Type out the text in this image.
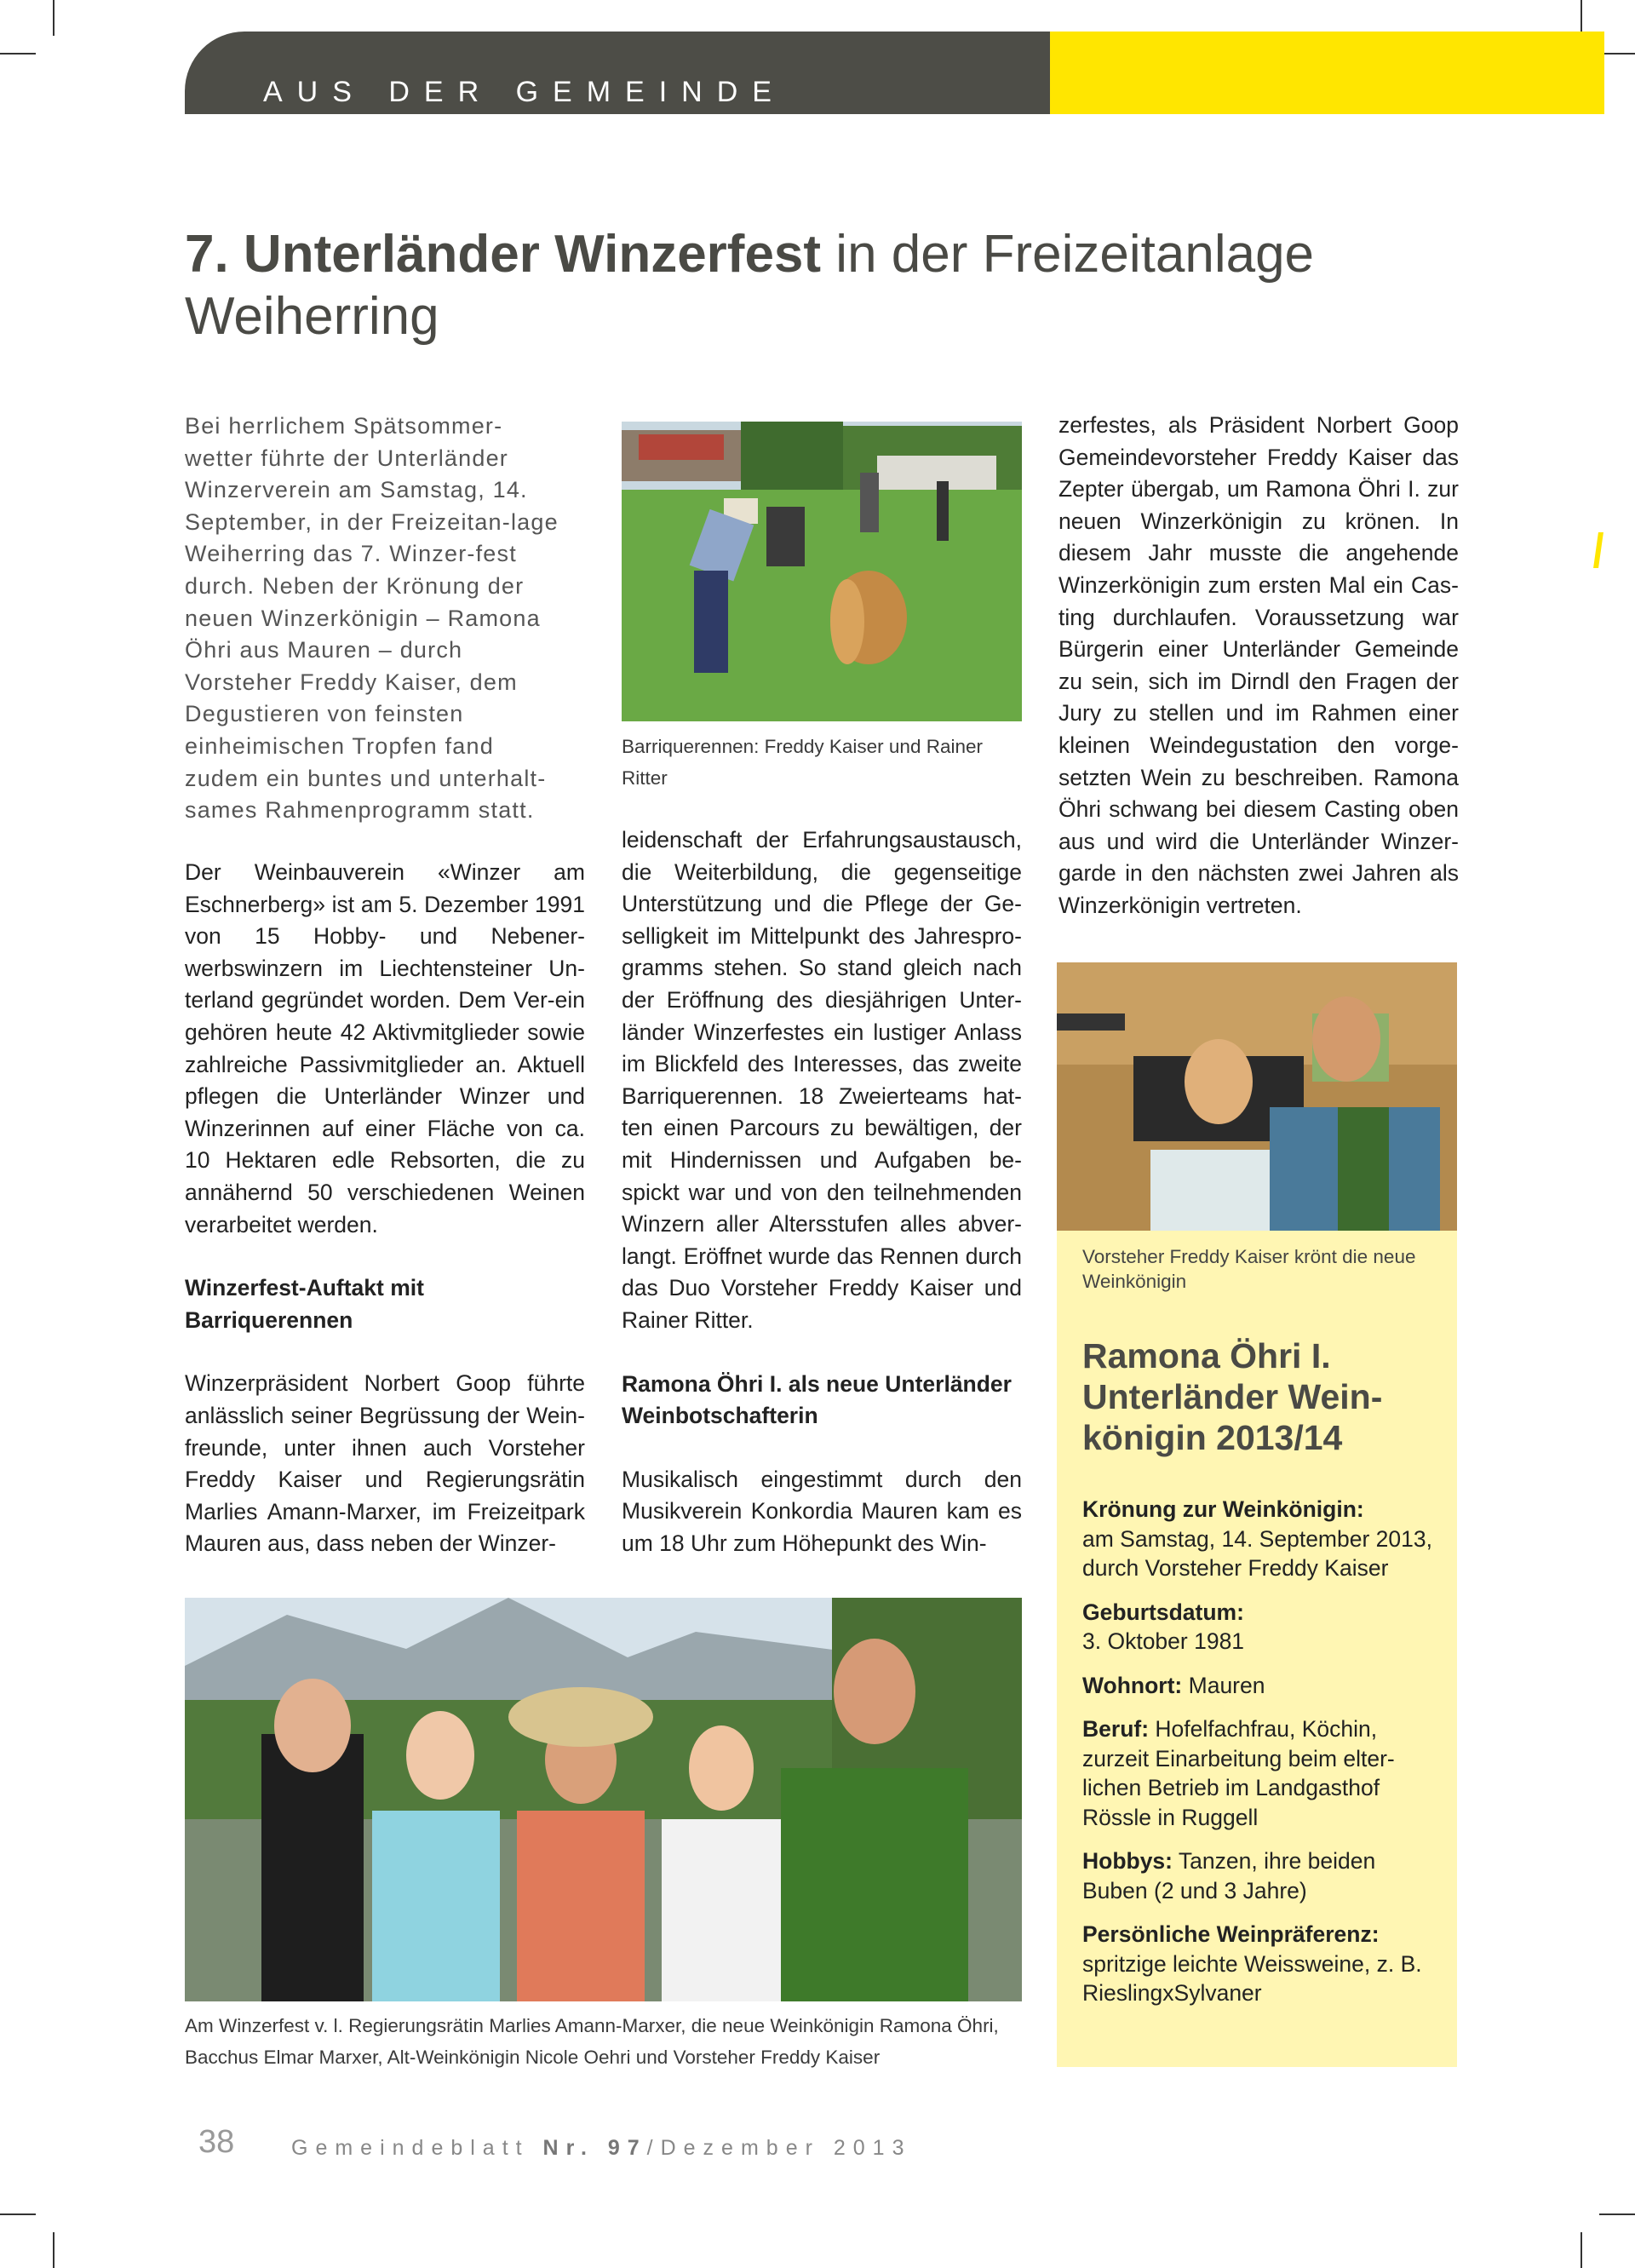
AUS DER GEMEINDE
7. Unterländer Winzerfest in der Freizeitanlage Weiherring
Bei herrlichem Spätsommer-wetter führte der Unterländer Winzerverein am Samstag, 14. September, in der Freizeitan-lage Weiherring das 7. Winzer-fest durch. Neben der Krönung der neuen Winzerkönigin – Ramona Öhri aus Mauren – durch Vorsteher Freddy Kaiser, dem Degustieren von feinsten einheimischen Tropfen fand zudem ein buntes und unterhalt-sames Rahmenprogramm statt.

Der Weinbauverein «Winzer am Eschnerberg» ist am 5. Dezember 1991 von 15 Hobby- und Nebener-werbswinzern im Liechtensteiner Un-terland gegründet worden. Dem Ver-ein gehören heute 42 Aktivmitglieder sowie zahlreiche Passivmitglieder an. Aktuell pflegen die Unterländer Winzer und Winzerinnen auf einer Fläche von ca. 10 Hektaren edle Rebsorten, die zu annähernd 50 verschiedenen Weinen verarbeitet werden.

Winzerfest-Auftakt mit Barriquerennen

Winzerpräsident Norbert Goop führte anlässlich seiner Begrüssung der Wein-freunde, unter ihnen auch Vorsteher Freddy Kaiser und Regierungsrätin Marlies Amann-Marxer, im Freizeitpark Mauren aus, dass neben der Winzer-

Barriquerennen: Freddy Kaiser und Rainer Ritter

leidenschaft der Erfahrungsaustausch, die Weiterbildung, die gegenseitige Unterstützung und die Pflege der Ge-selligkeit im Mittelpunkt des Jahrespro-gramms stehen. So stand gleich nach der Eröffnung des diesjährigen Unter-länder Winzerfestes ein lustiger Anlass im Blickfeld des Interesses, das zweite Barriquerennen. 18 Zweierteams hat-ten einen Parcours zu bewältigen, der mit Hindernissen und Aufgaben be-spickt war und von den teilnehmenden Winzern aller Altersstufen alles abver-langt. Eröffnet wurde das Rennen durch das Duo Vorsteher Freddy Kaiser und Rainer Ritter.

Ramona Öhri I. als neue Unterländer Weinbotschafterin

Musikalisch eingestimmt durch den Musikverein Konkordia Mauren kam es um 18 Uhr zum Höhepunkt des Win-

zerfestes, als Präsident Norbert Goop Gemeindevorsteher Freddy Kaiser das Zepter übergab, um Ramona Öhri I. zur neuen Winzerkönigin zu krönen. In diesem Jahr musste die angehende Winzerkönigin zum ersten Mal ein Cas-ting durchlaufen. Voraussetzung war Bürgerin einer Unterländer Gemeinde zu sein, sich im Dirndl den Fragen der Jury zu stellen und im Rahmen einer kleinen Weindegustation den vorge-setzten Wein zu beschreiben. Ramona Öhri schwang bei diesem Casting oben aus und wird die Unterländer Winzer-garde in den nächsten zwei Jahren als Winzerkönigin vertreten.

Vorsteher Freddy Kaiser krönt die neue Weinkönigin
Ramona Öhri I. Unterländer Wein-königin 2013/14
Krönung zur Weinkönigin:
am Samstag, 14. September 2013, durch Vorsteher Freddy Kaiser
Geburtsdatum:
3. Oktober 1981
Wohnort: Mauren
Beruf: Hofelfachfrau, Köchin, zurzeit Einarbeitung beim elter-lichen Betrieb im Landgasthof Rössle in Ruggell
Hobbys: Tanzen, ihre beiden Buben (2 und 3 Jahre)
Persönliche Weinpräferenz:
spritzige leichte Weissweine, z. B. RieslingxSylvaner
Am Winzerfest v. l. Regierungsrätin Marlies Amann-Marxer, die neue Weinkönigin Ramona Öhri, Bacchus Elmar Marxer, Alt-Weinkönigin Nicole Oehri und Vorsteher Freddy Kaiser
38	Gemeindeblatt Nr. 97/Dezember 2013
